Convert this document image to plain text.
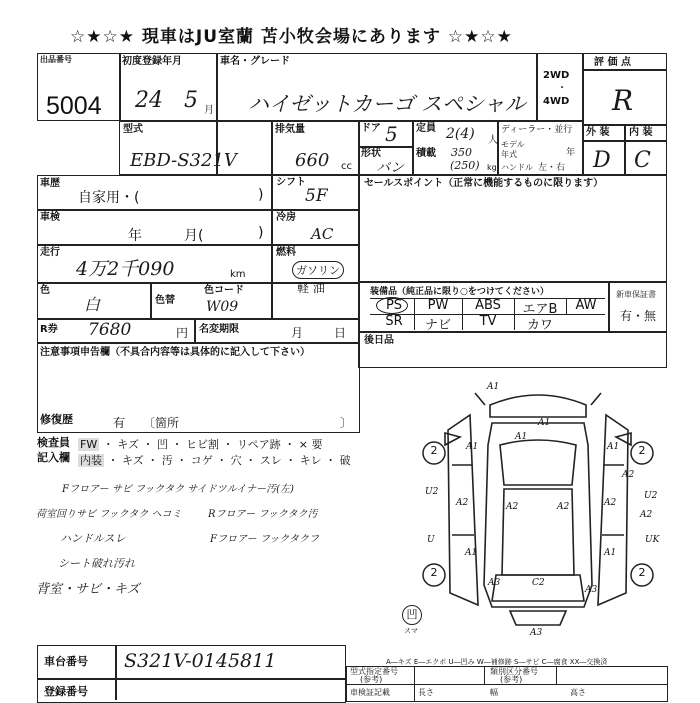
☆★☆★ 現車はJU室蘭 苫小牧会場にあります ☆★☆★
出品番号
5004
初度登録年月
24 5 月
車名・グレード
ハイゼットカーゴ スペシャル
2WD
・
4WD
評 価 点
R
型式
EBD-S321V
排気量
660 cc
ドア 5
形状
バン
定員 2(4) 人
積載 350
(250) kg
ディーラー・並行
モデル 年式	年
ハンドル 左・右
外 装 内 装
D C
車歴
自家用・(	)
シフト
5F
車検
年	月(	)
冷房
AC
走行
4万2千090	km
燃料
ガソリン
軽 油
色
白	色替
色コード
W09
R券 7680	円 名変期限	月	日
セールスポイント（正常に機能するものに限ります）
装備品（純正品に限り○をつけてください）	新車保証書
有・無
PS	PW	ABS	エアB	AW
SR	ナビ	TV	カワ
後日品
注意事項申告欄（不具合内容等は具体的に記入して下さい）
修復歴	有 〔箇所	〕
検査員
記入欄
FW ・ キズ ・ 凹 ・ ヒビ割 ・ リペア跡 ・ × 要
内装 ・ キズ ・ 汚 ・ コゲ ・ 穴 ・ スレ ・ キレ ・ 破
Fフロアー サビ フックタク サイドツルイナー汚(左)
荷室回りサビ フックタク ヘコミ	Rフロアー フックタク汚
ハンドルスレ	Fフロアー フックタクフ
シート破れ汚れ
背室・サビ・キズ
2	2
2	2
A1
A1
A1
U2
A2	A2	A2	A2
A2
A2
U
U2
A1	A1
C2
A3
A3
A1	A1
UK
A3
凹
スマ
車台番号 S321V-0145811
登録番号
A―キズ E―エクボ U―凹み W―補修跡 S―サビ C―腐食 XX―交換済
型式指定番号
(参考)
類別区分番号
(参考)
車検証記載	長さ	幅	高さ
